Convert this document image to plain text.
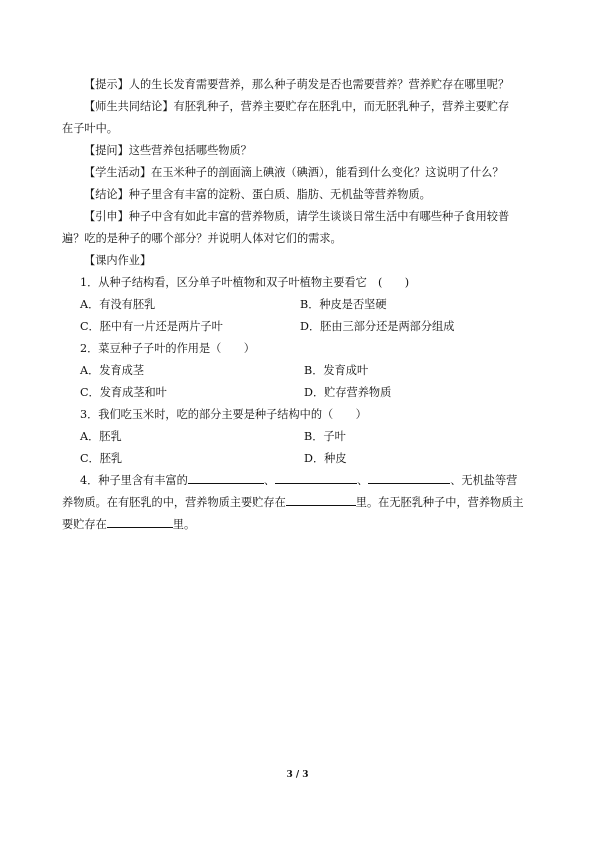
【提示】人的生长发育需要营养，那么种子萌发是否也需要营养？营养贮存在哪里呢？

【师生共同结论】有胚乳种子，营养主要贮存在胚乳中，而无胚乳种子，营养主要贮存

在子叶中。

【提问】这些营养包括哪些物质？

【学生活动】在玉米种子的剖面滴上碘液（碘酒），能看到什么变化？这说明了什么？

【结论】种子里含有丰富的淀粉、蛋白质、脂肪、无机盐等营养物质。

【引申】种子中含有如此丰富的营养物质，请学生谈谈日常生活中有哪些种子食用较普

遍？吃的是种子的哪个部分？并说明人体对它们的需求。

【课内作业】

1．从种子结构看，区分单子叶植物和双子叶植物主要看它　(　　)

A．有没有胚乳	B．种皮是否坚硬
C．胚中有一片还是两片子叶	D．胚由三部分还是两部分组成

2．菜豆种子子叶的作用是（　　）

A．发育成茎	B．发育成叶
C．发育成茎和叶	D．贮存营养物质

3．我们吃玉米时，吃的部分主要是种子结构中的（　　）

A．胚乳	B．子叶
C．胚乳	D．种皮

4．种子里含有丰富的	、	、	、无机盐等营

养物质。在有胚乳的中，营养物质主要贮存在	里。在无胚乳种子中，营养物质主

要贮存在	里。

3 / 3
